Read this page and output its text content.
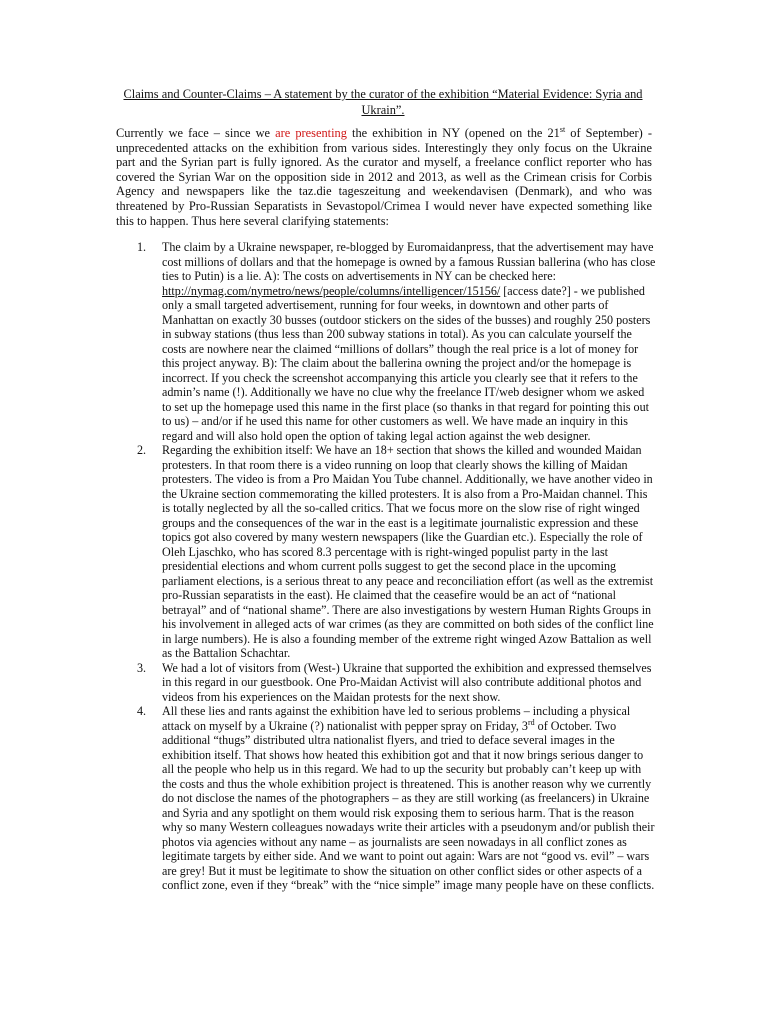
Claims and Counter-Claims – A statement by the curator of the exhibition “Material Evidence: Syria and Ukrain”.

Currently we face – since we are presenting the exhibition in NY (opened on the 21st of September) - unprecedented attacks on the exhibition from various sides. Interestingly they only focus on the Ukraine part and the Syrian part is fully ignored. As the curator and myself, a freelance conflict reporter who has covered the Syrian War on the opposition side in 2012 and 2013, as well as the Crimean crisis for Corbis Agency and newspapers like the taz.die tageszeitung and weekendavisen (Denmark), and who was threatened by Pro-Russian Separatists in Sevastopol/Crimea I would never have expected something like this to happen. Thus here several clarifying statements:

1. The claim by a Ukraine newspaper, re-blogged by Euromaidanpress, that the advertisement may have cost millions of dollars and that the homepage is owned by a famous Russian ballerina (who has close ties to Putin) is a lie. A): The costs on advertisements in NY can be checked here: http://nymag.com/nymetro/news/people/columns/intelligencer/15156/ [access date?] - we published only a small targeted advertisement, running for four weeks, in downtown and other parts of Manhattan on exactly 30 busses (outdoor stickers on the sides of the busses) and roughly 250 posters in subway stations (thus less than 200 subway stations in total). As you can calculate yourself the costs are nowhere near the claimed “millions of dollars” though the real price is a lot of money for this project anyway. B): The claim about the ballerina owning the project and/or the homepage is incorrect. If you check the screenshot accompanying this article you clearly see that it refers to the admin’s name (!). Additionally we have no clue why the freelance IT/web designer whom we asked to set up the homepage used this name in the first place (so thanks in that regard for pointing this out to us) – and/or if he used this name for other customers as well. We have made an inquiry in this regard and will also hold open the option of taking legal action against the web designer.
2. Regarding the exhibition itself: We have an 18+ section that shows the killed and wounded Maidan protesters. In that room there is a video running on loop that clearly shows the killing of Maidan protesters. The video is from a Pro Maidan You Tube channel. Additionally, we have another video in the Ukraine section commemorating the killed protesters. It is also from a Pro-Maidan channel. This is totally neglected by all the so-called critics. That we focus more on the slow rise of right winged groups and the consequences of the war in the east is a legitimate journalistic expression and these topics got also covered by many western newspapers (like the Guardian etc.). Especially the role of Oleh Ljaschko, who has scored 8.3 percentage with is right-winged populist party in the last presidential elections and whom current polls suggest to get the second place in the upcoming parliament elections, is a serious threat to any peace and reconciliation effort (as well as the extremist pro-Russian separatists in the east). He claimed that the ceasefire would be an act of “national betrayal” and of “national shame”. There are also investigations by western Human Rights Groups in his involvement in alleged acts of war crimes (as they are committed on both sides of the conflict line in large numbers). He is also a founding member of the extreme right winged Azow Battalion as well as the Battalion Schachtar.
3. We had a lot of visitors from (West-) Ukraine that supported the exhibition and expressed themselves in this regard in our guestbook. One Pro-Maidan Activist will also contribute additional photos and videos from his experiences on the Maidan protests for the next show.
4. All these lies and rants against the exhibition have led to serious problems – including a physical attack on myself by a Ukraine (?) nationalist with pepper spray on Friday, 3rd of October. Two additional “thugs” distributed ultra nationalist flyers, and tried to deface several images in the exhibition itself. That shows how heated this exhibition got and that it now brings serious danger to all the people who help us in this regard. We had to up the security but probably can’t keep up with the costs and thus the whole exhibition project is threatened. This is another reason why we currently do not disclose the names of the photographers – as they are still working (as freelancers) in Ukraine and Syria and any spotlight on them would risk exposing them to serious harm. That is the reason why so many Western colleagues nowadays write their articles with a pseudonym and/or publish their photos via agencies without any name – as journalists are seen nowadays in all conflict zones as legitimate targets by either side. And we want to point out again: Wars are not “good vs. evil” – wars are grey! But it must be legitimate to show the situation on other conflict sides or other aspects of a conflict zone, even if they “break” with the “nice simple” image many people have on these conflicts.
